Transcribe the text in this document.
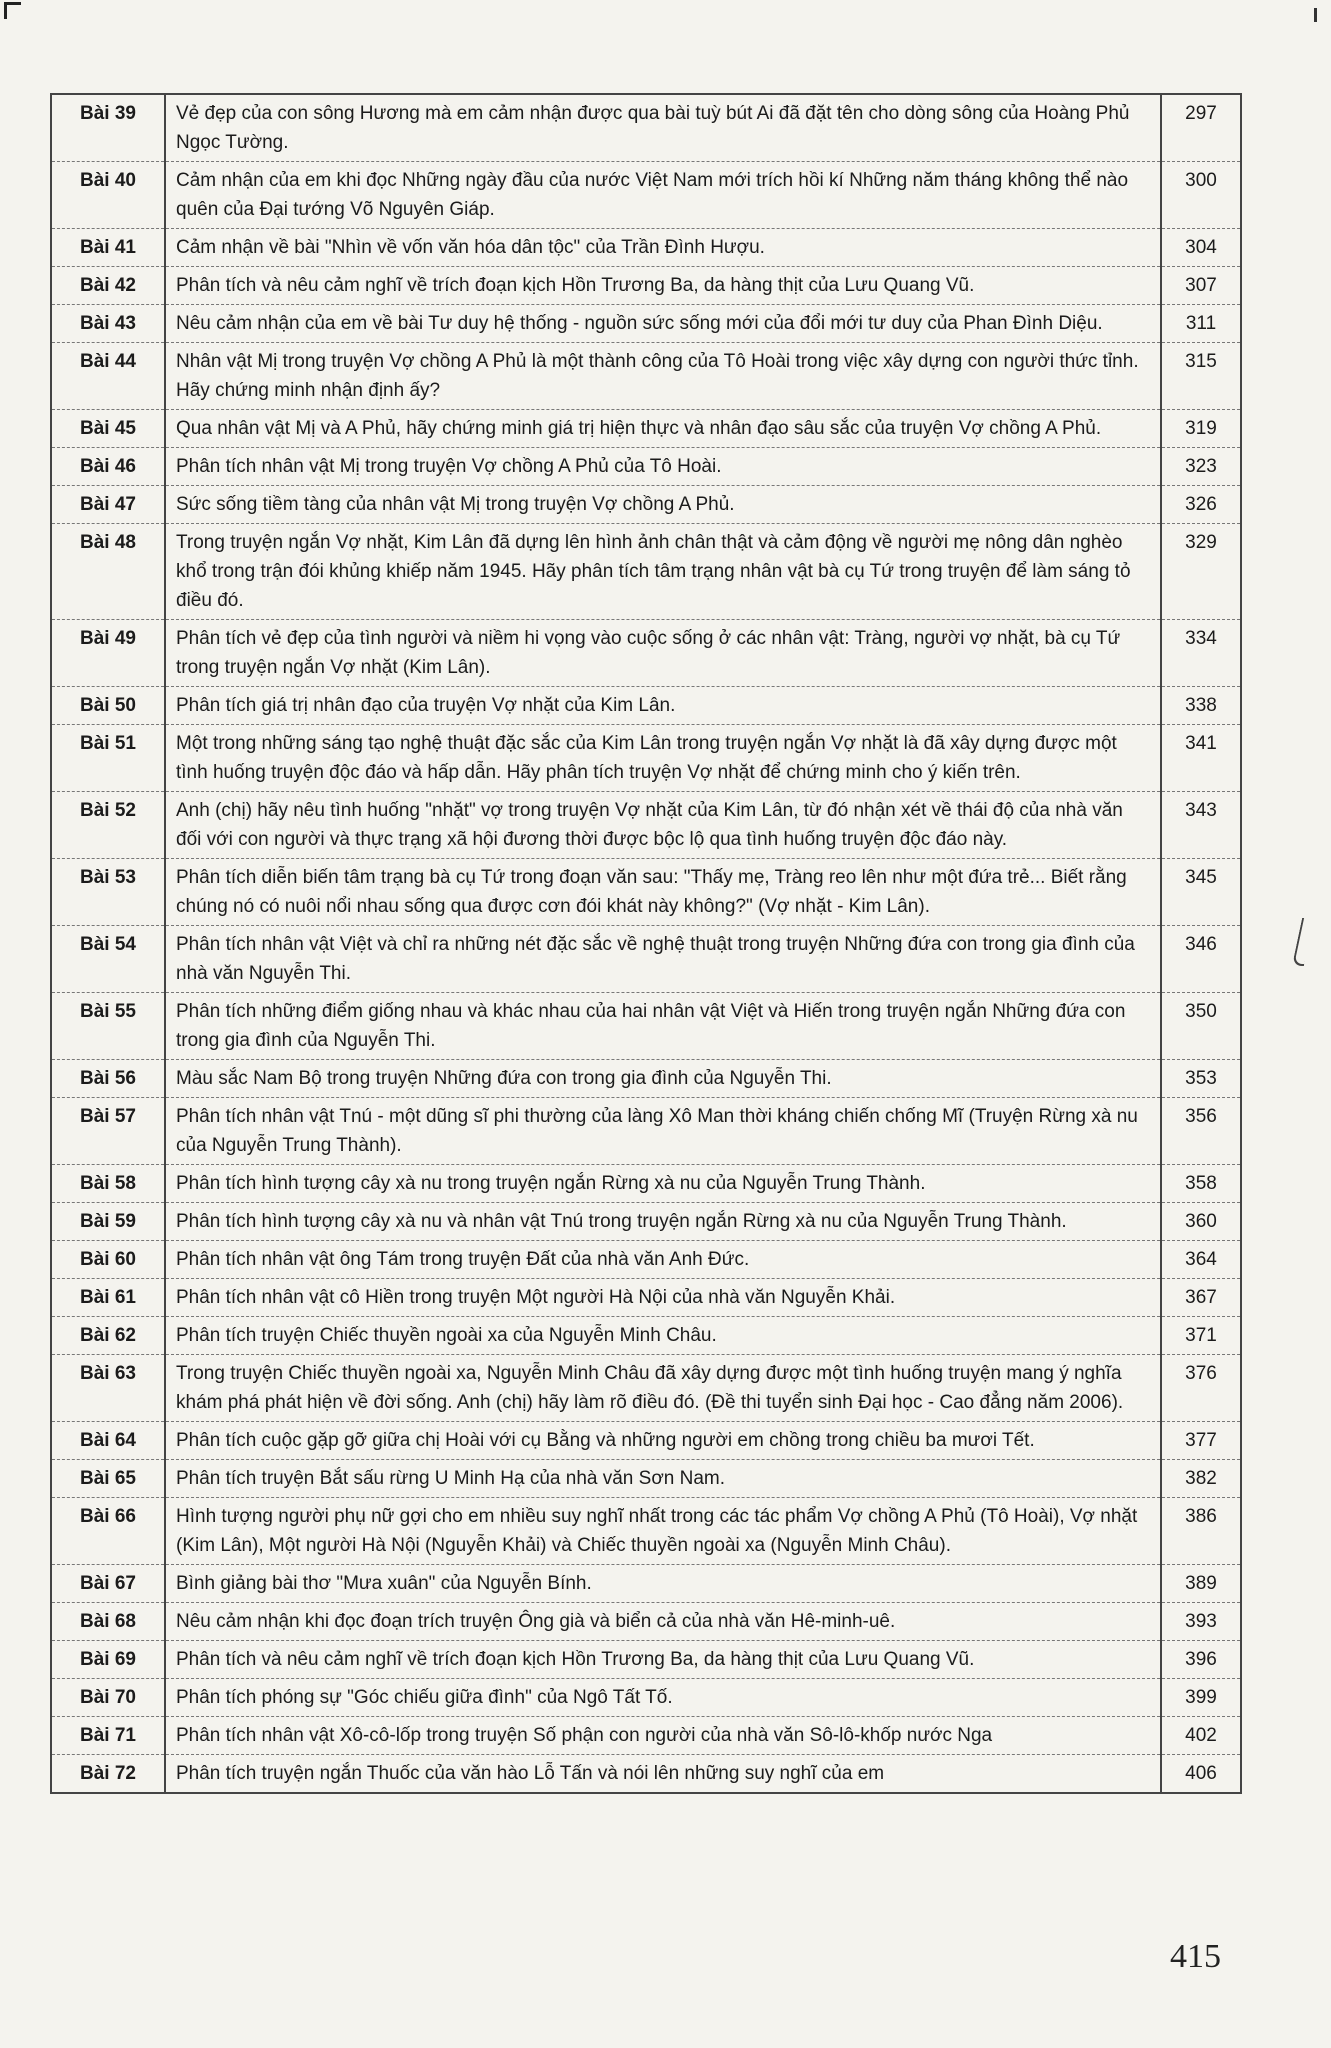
Bài 39	Vẻ đẹp của con sông Hương mà em cảm nhận được qua bài tuỳ bút Ai đã đặt tên cho dòng sông của Hoàng Phủ Ngọc Tường.	297
Bài 40	Cảm nhận của em khi đọc Những ngày đầu của nước Việt Nam mới trích hồi kí Những năm tháng không thể nào quên của Đại tướng Võ Nguyên Giáp.	300
Bài 41	Cảm nhận về bài "Nhìn về vốn văn hóa dân tộc" của Trần Đình Hượu.	304
Bài 42	Phân tích và nêu cảm nghĩ về trích đoạn kịch Hồn Trương Ba, da hàng thịt của Lưu Quang Vũ.	307
Bài 43	Nêu cảm nhận của em về bài Tư duy hệ thống - nguồn sức sống mới của đổi mới tư duy của Phan Đình Diệu.	311
Bài 44	Nhân vật Mị trong truyện Vợ chồng A Phủ là một thành công của Tô Hoài trong việc xây dựng con người thức tỉnh. Hãy chứng minh nhận định ấy?	315
Bài 45	Qua nhân vật Mị và A Phủ, hãy chứng minh giá trị hiện thực và nhân đạo sâu sắc của truyện Vợ chồng A Phủ.	319
Bài 46	Phân tích nhân vật Mị trong truyện Vợ chồng A Phủ của Tô Hoài.	323
Bài 47	Sức sống tiềm tàng của nhân vật Mị trong truyện Vợ chồng A Phủ.	326
Bài 48	Trong truyện ngắn Vợ nhặt, Kim Lân đã dựng lên hình ảnh chân thật và cảm động về người mẹ nông dân nghèo khổ trong trận đói khủng khiếp năm 1945. Hãy phân tích tâm trạng nhân vật bà cụ Tứ trong truyện để làm sáng tỏ điều đó.	329
Bài 49	Phân tích vẻ đẹp của tình người và niềm hi vọng vào cuộc sống ở các nhân vật: Tràng, người vợ nhặt, bà cụ Tứ trong truyện ngắn Vợ nhặt (Kim Lân).	334
Bài 50	Phân tích giá trị nhân đạo của truyện Vợ nhặt của Kim Lân.	338
Bài 51	Một trong những sáng tạo nghệ thuật đặc sắc của Kim Lân trong truyện ngắn Vợ nhặt là đã xây dựng được một tình huống truyện độc đáo và hấp dẫn. Hãy phân tích truyện Vợ nhặt để chứng minh cho ý kiến trên.	341
Bài 52	Anh (chị) hãy nêu tình huống "nhặt" vợ trong truyện Vợ nhặt của Kim Lân, từ đó nhận xét về thái độ của nhà văn đối với con người và thực trạng xã hội đương thời được bộc lộ qua tình huống truyện độc đáo này.	343
Bài 53	Phân tích diễn biến tâm trạng bà cụ Tứ trong đoạn văn sau: "Thấy mẹ, Tràng reo lên như một đứa trẻ... Biết rằng chúng nó có nuôi nổi nhau sống qua được cơn đói khát này không?" (Vợ nhặt - Kim Lân).	345
Bài 54	Phân tích nhân vật Việt và chỉ ra những nét đặc sắc về nghệ thuật trong truyện Những đứa con trong gia đình của nhà văn Nguyễn Thi.	346
Bài 55	Phân tích những điểm giống nhau và khác nhau của hai nhân vật Việt và Hiến trong truyện ngắn Những đứa con trong gia đình của Nguyễn Thi.	350
Bài 56	Màu sắc Nam Bộ trong truyện Những đứa con trong gia đình của Nguyễn Thi.	353
Bài 57	Phân tích nhân vật Tnú - một dũng sĩ phi thường của làng Xô Man thời kháng chiến chống Mĩ (Truyện Rừng xà nu của Nguyễn Trung Thành).	356
Bài 58	Phân tích hình tượng cây xà nu trong truyện ngắn Rừng xà nu của Nguyễn Trung Thành.	358
Bài 59	Phân tích hình tượng cây xà nu và nhân vật Tnú trong truyện ngắn Rừng xà nu của Nguyễn Trung Thành.	360
Bài 60	Phân tích nhân vật ông Tám trong truyện Đất của nhà văn Anh Đức.	364
Bài 61	Phân tích nhân vật cô Hiền trong truyện Một người Hà Nội của nhà văn Nguyễn Khải.	367
Bài 62	Phân tích truyện Chiếc thuyền ngoài xa của Nguyễn Minh Châu.	371
Bài 63	Trong truyện Chiếc thuyền ngoài xa, Nguyễn Minh Châu đã xây dựng được một tình huống truyện mang ý nghĩa khám phá phát hiện về đời sống. Anh (chị) hãy làm rõ điều đó. (Đề thi tuyển sinh Đại học - Cao đẳng năm 2006).	376
Bài 64	Phân tích cuộc gặp gỡ giữa chị Hoài với cụ Bằng và những người em chồng trong chiều ba mươi Tết.	377
Bài 65	Phân tích truyện Bắt sấu rừng U Minh Hạ của nhà văn Sơn Nam.	382
Bài 66	Hình tượng người phụ nữ gợi cho em nhiều suy nghĩ nhất trong các tác phẩm Vợ chồng A Phủ (Tô Hoài), Vợ nhặt (Kim Lân), Một người Hà Nội (Nguyễn Khải) và Chiếc thuyền ngoài xa (Nguyễn Minh Châu).	386
Bài 67	Bình giảng bài thơ "Mưa xuân" của Nguyễn Bính.	389
Bài 68	Nêu cảm nhận khi đọc đoạn trích truyện Ông già và biển cả của nhà văn Hê-minh-uê.	393
Bài 69	Phân tích và nêu cảm nghĩ về trích đoạn kịch Hồn Trương Ba, da hàng thịt của Lưu Quang Vũ.	396
Bài 70	Phân tích phóng sự "Góc chiếu giữa đình" của Ngô Tất Tố.	399
Bài 71	Phân tích nhân vật Xô-cô-lốp trong truyện Số phận con người của nhà văn Sô-lô-khốp nước Nga	402
Bài 72	Phân tích truyện ngắn Thuốc của văn hào Lỗ Tấn và nói lên những suy nghĩ của em	406
415
